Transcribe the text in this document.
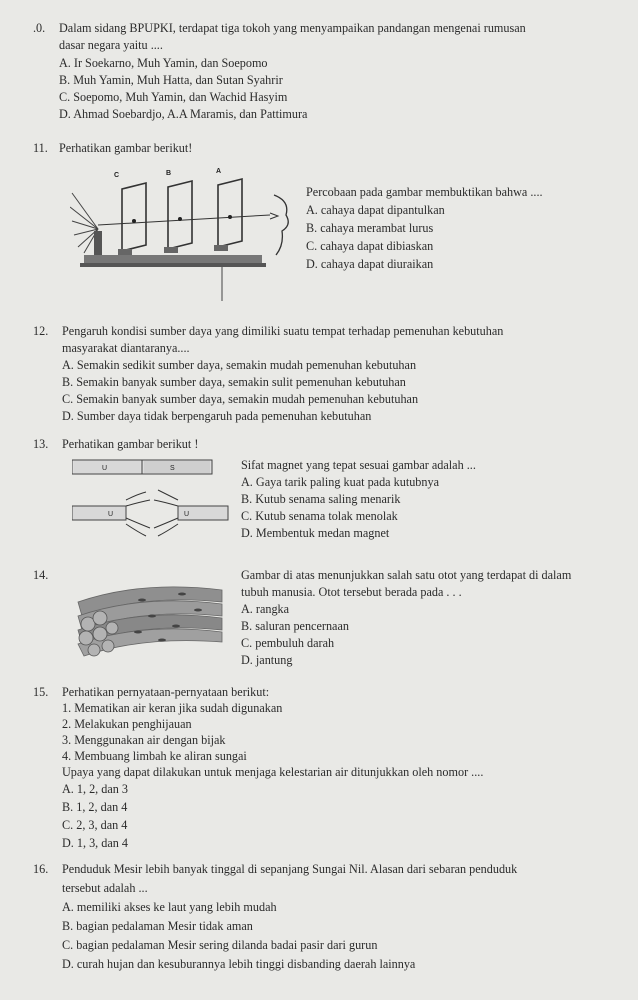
.0. Dalam sidang BPUPKI, terdapat tiga tokoh yang menyampaikan pandangan mengenai rumusan
dasar negara yaitu ....
A. Ir Soekarno, Muh Yamin, dan Soepomo
B. Muh Yamin, Muh Hatta, dan Sutan Syahrir
C. Soepomo, Muh Yamin, dan Wachid Hasyim
D. Ahmad Soebardjo, A.A Maramis, dan Pattimura
11. Perhatikan gambar berikut!
C	B	A
Percobaan pada gambar membuktikan bahwa ....
A. cahaya dapat dipantulkan
B. cahaya merambat lurus
C. cahaya dapat dibiaskan
D. cahaya dapat diuraikan
12. Pengaruh kondisi sumber daya yang dimiliki suatu tempat terhadap pemenuhan kebutuhan
masyarakat diantaranya....
A. Semakin sedikit sumber daya, semakin mudah pemenuhan kebutuhan
B. Semakin banyak sumber daya, semakin sulit pemenuhan kebutuhan
C. Semakin banyak sumber daya, semakin mudah pemenuhan kebutuhan
D. Sumber daya tidak berpengaruh pada pemenuhan kebutuhan
13. Perhatikan gambar berikut !
U	S
U	U
Sifat magnet yang tepat sesuai gambar adalah ...
A. Gaya tarik paling kuat pada kutubnya
B. Kutub senama saling menarik
C. Kutub senama tolak menolak
D. Membentuk medan magnet
14.	Gambar di atas menunjukkan salah satu otot yang terdapat di dalam
tubuh manusia. Otot tersebut berada pada . . .
A. rangka
B. saluran pencernaan
C. pembuluh darah
D. jantung
15. Perhatikan pernyataan-pernyataan berikut:
1. Mematikan air keran jika sudah digunakan
2. Melakukan penghijauan
3. Menggunakan air dengan bijak
4. Membuang limbah ke aliran sungai
Upaya yang dapat dilakukan untuk menjaga kelestarian air ditunjukkan oleh nomor ....
A. 1, 2, dan 3
B. 1, 2, dan 4
C. 2, 3, dan 4
D. 1, 3, dan 4
16. Penduduk Mesir lebih banyak tinggal di sepanjang Sungai Nil. Alasan dari sebaran penduduk
tersebut adalah ...
A. memiliki akses ke laut yang lebih mudah
B. bagian pedalaman Mesir tidak aman
C. bagian pedalaman Mesir sering dilanda badai pasir dari gurun
D. curah hujan dan kesuburannya lebih tinggi disbanding daerah lainnya
